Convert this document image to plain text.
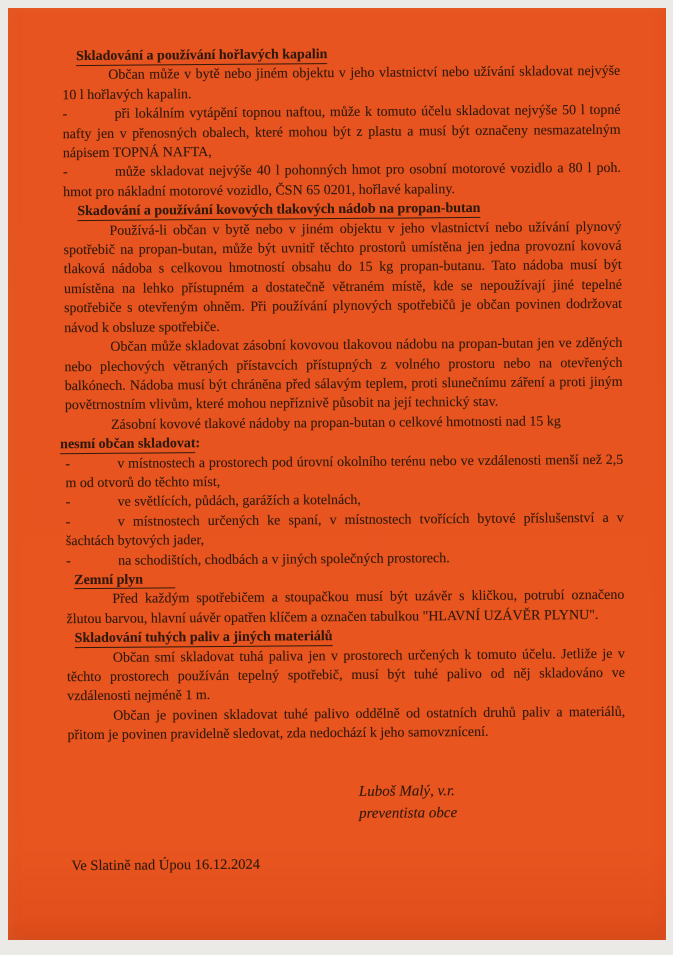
Skladování a používání hořlavých kapalin

Občan může v bytě nebo jiném objektu v jeho vlastnictví nebo užívání skladovat nejvýše 10 l hořlavých kapalin.

-	při lokálním vytápění topnou naftou, může k tomuto účelu skladovat nejvýše 50 l topné nafty jen v přenosných obalech, které mohou být z plastu a musí být označeny nesmazatelným nápisem TOPNÁ NAFTA,

-	může skladovat nejvýše 40 l pohonných hmot pro osobní motorové vozidlo a 80 l poh. hmot pro nákladní motorové vozidlo, ČSN 65 0201, hořlavé kapaliny.

Skadování a používání kovových tlakových nádob na propan-butan

Používá-li občan v bytě nebo v jiném objektu v jeho vlastnictví nebo užívání plynový spotřebič na propan-butan, může být uvnitř těchto prostorů umístěna jen jedna provozní kovová tlaková nádoba s celkovou hmotností obsahu do 15 kg propan-butanu. Tato nádoba musí být umístěna na lehko přístupném a dostatečně větraném místě, kde se nepoužívají jiné tepelné spotřebiče s otevřeným ohněm. Při používání plynových spotřebičů je občan povinen dodržovat návod k obsluze spotřebiče.

Občan může skladovat zásobní kovovou tlakovou nádobu na propan-butan jen ve zděných nebo plechových větraných přístavcích přístupných z volného prostoru nebo na otevřených balkónech. Nádoba musí být chráněna před sálavým teplem, proti slunečnímu záření a proti jiným povětrnostním vlivům, které mohou nepříznivě působit na její technický stav.

Zásobní kovové tlakové nádoby na propan-butan o celkové hmotnosti nad 15 kg

nesmí občan skladovat:

-	v místnostech a prostorech pod úrovní okolního terénu nebo ve vzdálenosti menší než 2,5 m od otvorů do těchto míst,

-	ve světlících, půdách, garážích a kotelnách,

-	v místnostech určených ke spaní, v místnostech tvořících bytové příslušenství a v šachtách bytových jader,

-	na schodištích, chodbách a v jiných společných prostorech.

Zemní plyn

Před každým spotřebičem a stoupačkou musí být uzávěr s kličkou, potrubí označeno žlutou barvou, hlavní uávěr opatřen klíčem a označen tabulkou "HLAVNÍ UZÁVĚR PLYNU".

Skladování tuhých paliv a jiných materiálů

Občan smí skladovat tuhá paliva jen v prostorech určených k tomuto účelu. Jetliže je v těchto prostorech používán tepelný spotřebič, musí být tuhé palivo od něj skladováno ve vzdálenosti nejméně 1 m.

Občan je povinen skladovat tuhé palivo oddělně od ostatních druhů paliv a materiálů, přitom je povinen pravidelně sledovat, zda nedochází k jeho samovznícení.

Luboš Malý, v.r.
preventista obce

Ve Slatině nad Úpou 16.12.2024
